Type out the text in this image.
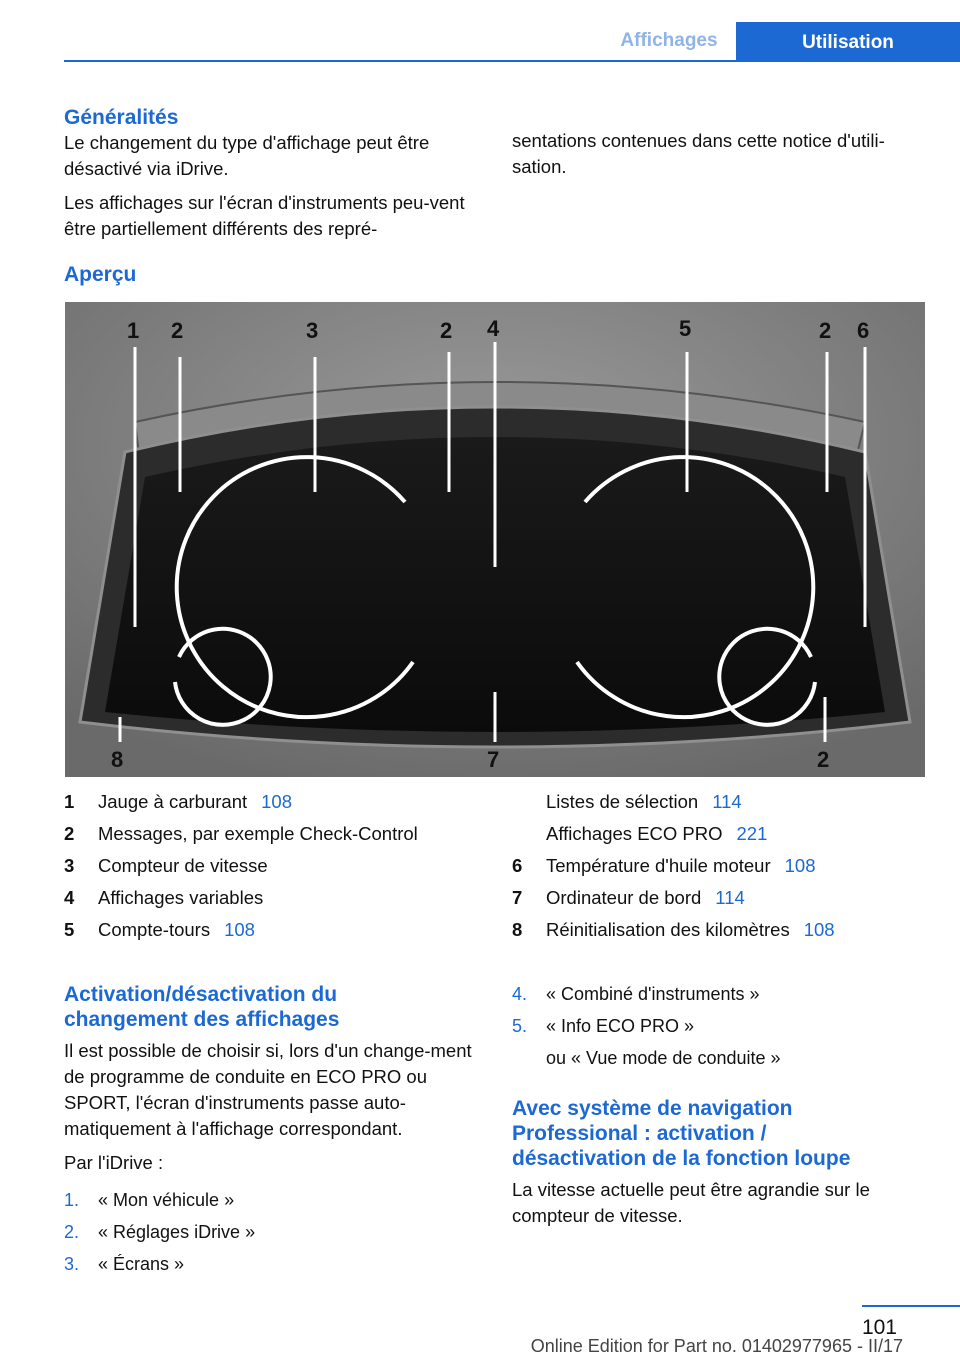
Affichages	Utilisation
Généralités

Le changement du type d'affichage peut être désactivé via iDrive.

Les affichages sur l'écran d'instruments peu-vent être partiellement différents des repré-

sentations contenues dans cette notice d'utili-sation.

Aperçu
1 2	3	2 4	5	2 6
8	7	2
1	Jauge à carburant 108
2	Messages, par exemple Check-Control
3	Compteur de vitesse
4	Affichages variables
5	Compte-tours 108
Listes de sélection 114
Affichages ECO PRO 221
6	Température d'huile moteur 108
7	Ordinateur de bord 114
8	Réinitialisation des kilomètres 108
Activation/désactivation du
changement des affichages

Il est possible de choisir si, lors d'un change-ment de programme de conduite en ECO PRO ou SPORT, l'écran d'instruments passe auto-matiquement à l'affichage correspondant.

Par l'iDrive :

1.	« Mon véhicule »
2.	« Réglages iDrive »
3.	« Écrans »
4.	« Combiné d'instruments »
5.	« Info ECO PRO »
ou « Vue mode de conduite »
Avec système de navigation
Professional : activation /
désactivation de la fonction loupe

La vitesse actuelle peut être agrandie sur le compteur de vitesse.

101
Online Edition for Part no. 01402977965 - II/17
